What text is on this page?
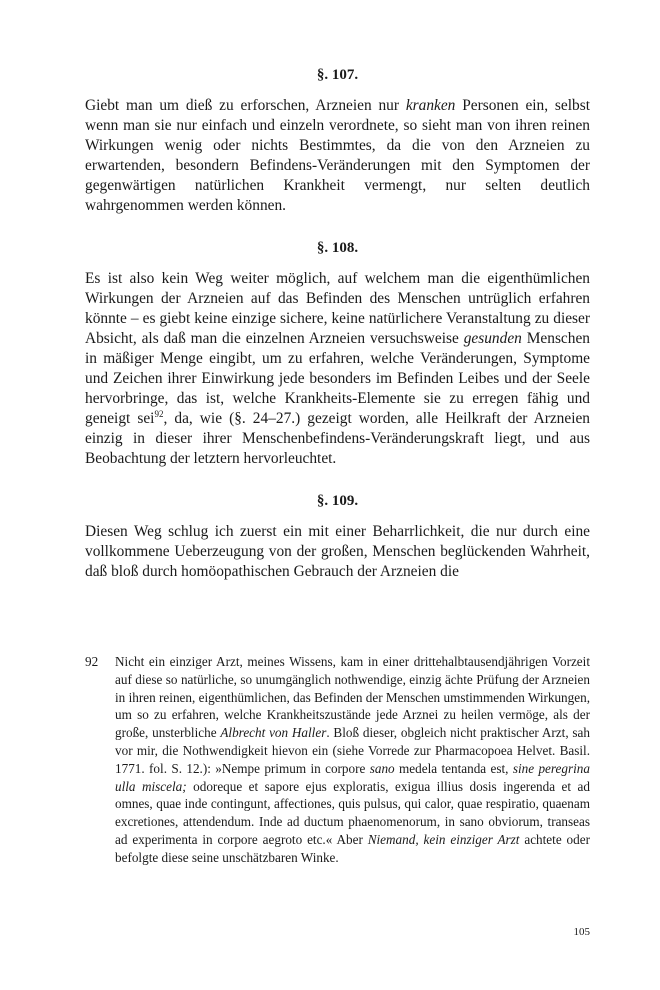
§. 107.

Giebt man um dieß zu erforschen, Arzneien nur kranken Personen ein, selbst wenn man sie nur einfach und einzeln verordnete, so sieht man von ihren reinen Wirkungen wenig oder nichts Bestimmtes, da die von den Arzneien zu erwartenden, besondern Befindens-Veränderungen mit den Symptomen der gegenwärtigen natürlichen Krankheit vermengt, nur selten deutlich wahrgenommen werden können.

§. 108.

Es ist also kein Weg weiter möglich, auf welchem man die eigenthümlichen Wirkungen der Arzneien auf das Befinden des Menschen untrüglich erfahren könnte – es giebt keine einzige sichere, keine natürlichere Veranstaltung zu dieser Absicht, als daß man die einzelnen Arzneien versuchsweise gesunden Menschen in mäßiger Menge eingibt, um zu erfahren, welche Veränderungen, Symptome und Zeichen ihrer Einwirkung jede besonders im Befinden Leibes und der Seele hervorbringe, das ist, welche Krankheits-Elemente sie zu erregen fähig und geneigt sei$^{92}$, da, wie (§. 24–27.) gezeigt worden, alle Heilkraft der Arzneien einzig in dieser ihrer Menschenbefindens-Veränderungskraft liegt, und aus Beobachtung der letztern hervorleuchtet.

§. 109.

Diesen Weg schlug ich zuerst ein mit einer Beharrlichkeit, die nur durch eine vollkommene Ueberzeugung von der großen, Menschen beglückenden Wahrheit, daß bloß durch homöopathischen Gebrauch der Arzneien die

92	Nicht ein einziger Arzt, meines Wissens, kam in einer drittehalbtausendjährigen Vorzeit auf diese so natürliche, so unumgänglich nothwendige, einzig ächte Prüfung der Arzneien in ihren reinen, eigenthümlichen, das Befinden der Menschen umstimmenden Wirkungen, um so zu erfahren, welche Krankheitszustände jede Arznei zu heilen vermöge, als der große, unsterbliche Albrecht von Haller. Bloß dieser, obgleich nicht praktischer Arzt, sah vor mir, die Nothwendigkeit hievon ein (siehe Vorrede zur Pharmacopoea Helvet. Basil. 1771. fol. S. 12.): »Nempe primum in corpore sano medela tentanda est, sine peregrina ulla miscela; odoreque et sapore ejus exploratis, exigua illius dosis ingerenda et ad omnes, quae inde contingunt, affectiones, quis pulsus, qui calor, quae respiratio, quaenam excretiones, attendendum. Inde ad ductum phaenomenorum, in sano obviorum, transeas ad experimenta in corpore aegroto etc.« Aber Niemand, kein einziger Arzt achtete oder befolgte diese seine unschätzbaren Winke.
105
